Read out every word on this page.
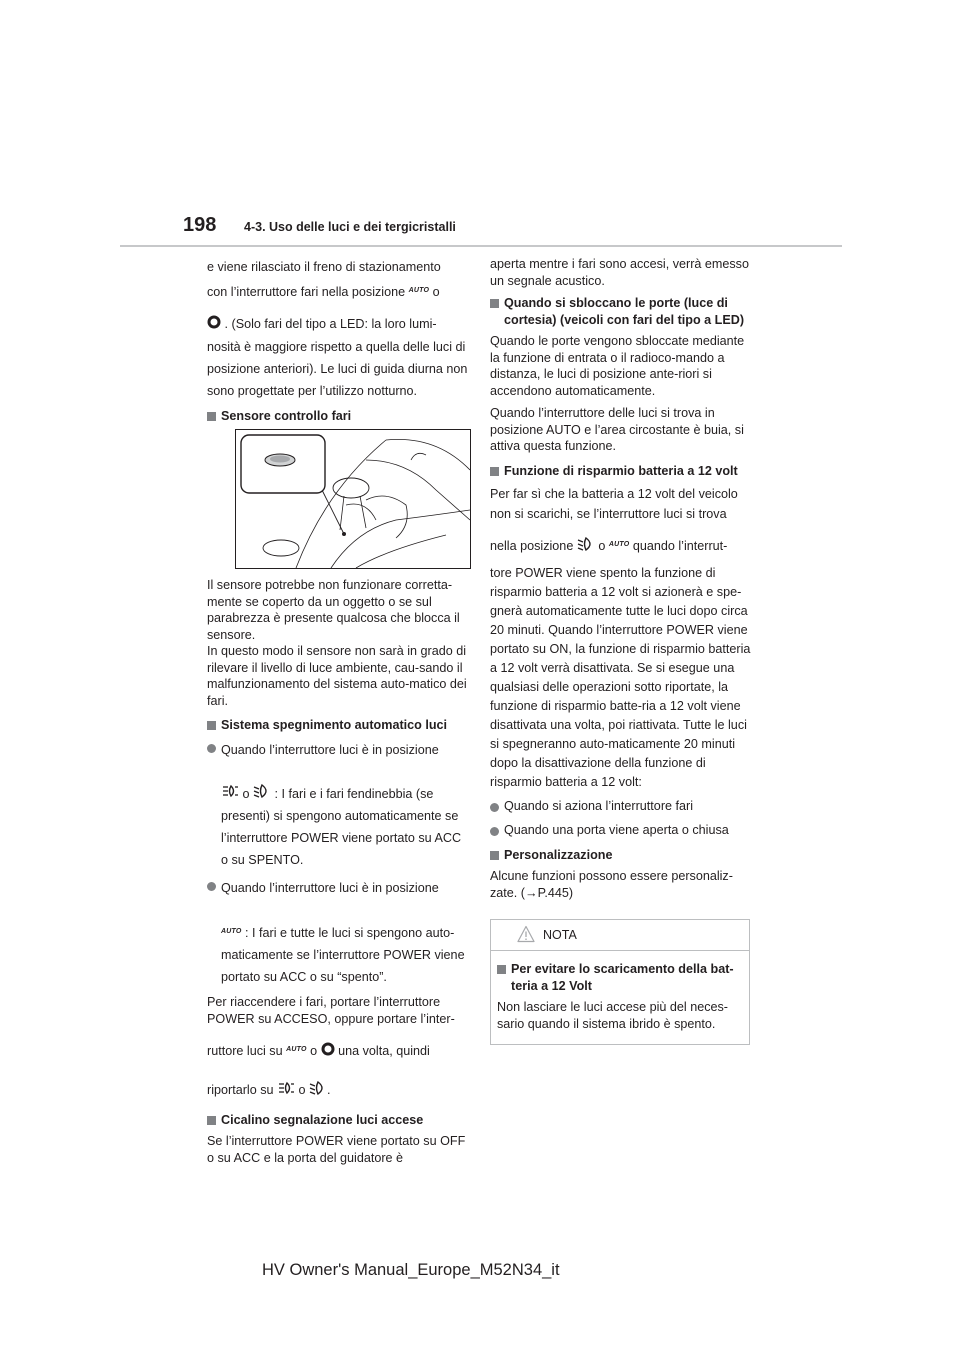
198 4-3. Uso delle luci e dei tergicristalli

e viene rilasciato il freno di stazionamento

con l’interruttore fari nella posizione $^{AUTO}$ o

. (Solo fari del tipo a LED: la loro lumi-

nosità è maggiore rispetto a quella delle luci di posizione anteriori). Le luci di guida diurna non sono progettate per l’utilizzo notturno.

Sensore controllo fari

Il sensore potrebbe non funzionare corretta-mente se coperto da un oggetto o se sul parabrezza è presente qualcosa che blocca il sensore.

In questo modo il sensore non sarà in grado di rilevare il livello di luce ambiente, cau-sando il malfunzionamento del sistema auto-matico dei fari.

Sistema spegnimento automatico luci
Quando l’interruttore luci è in posizione

o : I fari e i fari fendinebbia (se presenti) si spengono automaticamente se l’interruttore POWER viene portato su ACC o su SPENTO.
Quando l’interruttore luci è in posizione

$^{AUTO}$ : I fari e tutte le luci si spengono auto-maticamente se l’interruttore POWER viene portato su ACC o su “spento”.

Per riaccendere i fari, portare l’interruttore POWER su ACCESO, oppure portare l’inter-

ruttore luci su $^{AUTO}$ o una volta, quindi

riportarlo su o .

Cicalino segnalazione luci accese

Se l’interruttore POWER viene portato su OFF o su ACC e la porta del guidatore è

aperta mentre i fari sono accesi, verrà emesso un segnale acustico.

Quando si sbloccano le porte (luce di cortesia) (veicoli con fari del tipo a LED)

Quando le porte vengono sbloccate mediante la funzione di entrata o il radioco-mando a distanza, le luci di posizione ante-riori si accendono automaticamente.

Quando l’interruttore delle luci si trova in posizione AUTO e l’area circostante è buia, si attiva questa funzione.

Funzione di risparmio batteria a 12 volt

Per far sì che la batteria a 12 volt del veicolo non si scarichi, se l’interruttore luci si trova

nella posizione o $^{AUTO}$ quando l’interrut-

tore POWER viene spento la funzione di risparmio batteria a 12 volt si azionerà e spe-gnerà automaticamente tutte le luci dopo circa 20 minuti. Quando l’interruttore POWER viene portato su ON, la funzione di risparmio batteria a 12 volt verrà disattivata. Se si esegue una qualsiasi delle operazioni sotto riportate, la funzione di risparmio batte-ria a 12 volt viene disattivata una volta, poi riattivata. Tutte le luci si spegneranno auto-maticamente 20 minuti dopo la disattivazione della funzione di risparmio batteria a 12 volt:

Quando si aziona l’interruttore fari
Quando una porta viene aperta o chiusa
Personalizzazione

Alcune funzioni possono essere personaliz-zate. (→P.445)

NOTA
Per evitare lo scaricamento della bat-teria a 12 Volt

Non lasciare le luci accese più del neces-sario quando il sistema ibrido è spento.

HV Owner's Manual_Europe_M52N34_it
